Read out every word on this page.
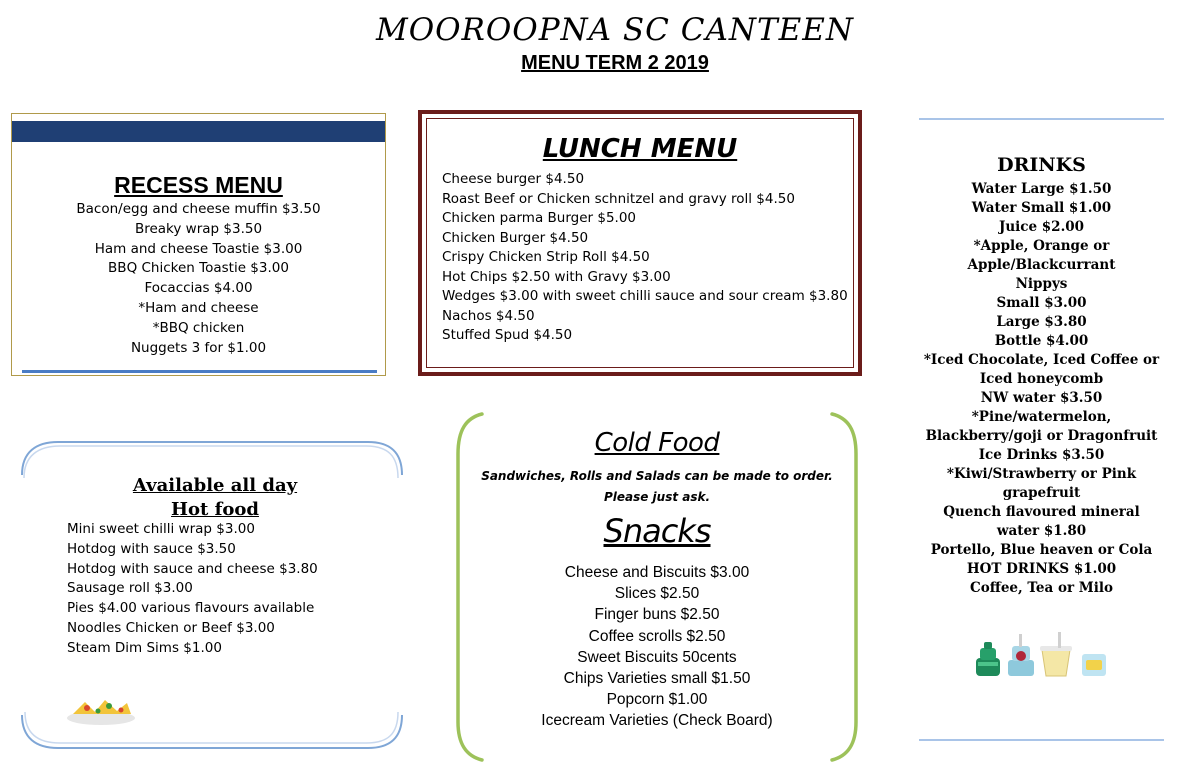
MOOROOPNA SC CANTEEN
MENU TERM 2 2019
RECESS MENU
Bacon/egg and cheese muffin $3.50
Breaky wrap $3.50
Ham and cheese Toastie $3.00
BBQ Chicken Toastie $3.00
Focaccias $4.00
*Ham and cheese
*BBQ chicken
Nuggets 3 for $1.00
LUNCH MENU
Cheese burger $4.50
Roast Beef or Chicken schnitzel and gravy roll $4.50
Chicken parma Burger $5.00
Chicken Burger $4.50
Crispy Chicken Strip Roll $4.50
Hot Chips $2.50 with Gravy $3.00
Wedges $3.00 with sweet chilli sauce and sour cream $3.80
Nachos $4.50
Stuffed Spud $4.50
DRINKS
Water Large $1.50
Water Small $1.00
Juice $2.00
*Apple, Orange or
Apple/Blackcurrant
Nippys
Small $3.00
Large $3.80
Bottle $4.00
*Iced Chocolate, Iced Coffee or
Iced honeycomb
NW water $3.50
*Pine/watermelon,
Blackberry/goji or Dragonfruit
Ice Drinks $3.50
*Kiwi/Strawberry or Pink
grapefruit
Quench flavoured mineral
water $1.80
Portello, Blue heaven or Cola
HOT DRINKS $1.00
Coffee, Tea or Milo
Available all day
Hot food
Mini sweet chilli wrap $3.00
Hotdog with sauce $3.50
Hotdog with sauce and cheese $3.80
Sausage roll $3.00
Pies $4.00 various flavours available
Noodles Chicken or Beef $3.00
Steam Dim Sims $1.00
Cold Food
Sandwiches, Rolls and Salads can be made to order.
Please just ask.
Snacks
Cheese and Biscuits $3.00
Slices $2.50
Finger buns $2.50
Coffee scrolls $2.50
Sweet Biscuits 50cents
Chips Varieties small $1.50
Popcorn $1.00
Icecream Varieties (Check Board)
